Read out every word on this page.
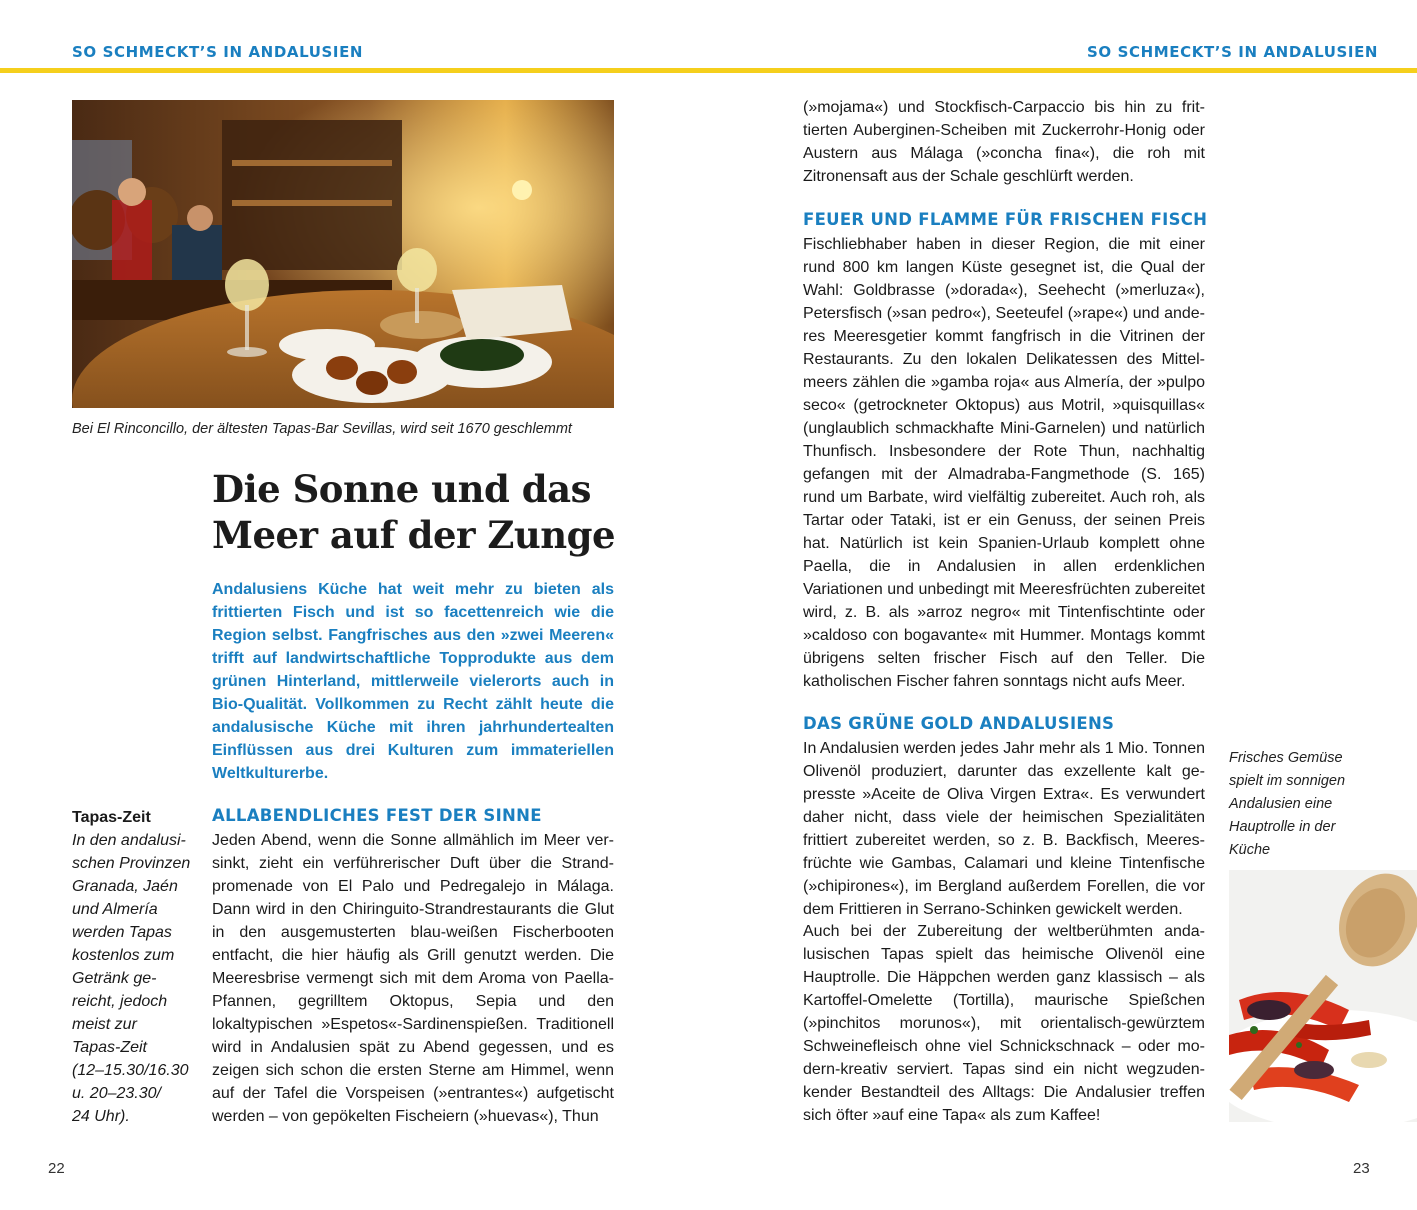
SO SCHMECKT’S IN ANDALUSIEN	SO SCHMECKT’S IN ANDALUSIEN
Bei El Rinconcillo, der ältesten Tapas-Bar Sevillas, wird seit 1670 geschlemmt
Die Sonne und das
Meer auf der Zunge

Andalusiens Küche hat weit mehr zu bieten als frittierten Fisch und ist so facettenreich wie die Region selbst. Fangfrisches aus den »zwei Meeren« trifft auf landwirtschaftliche Topprodukte aus dem grünen Hinterland, mittlerweile vielerorts auch in Bio-Qualität. Vollkommen zu Recht zählt heute die andalusische Küche mit ihren jahrhundertealten Einflüssen aus drei Kulturen zum immateriellen Weltkulturerbe.

Tapas-Zeit
In den andalusi-
schen Provinzen
Granada, Jaén
und Almería
werden Tapas
kostenlos zum
Getränk ge-
reicht, jedoch
meist zur
Tapas-Zeit
(12–15.30/16.30
u. 20–23.30/
24 Uhr).
ALLABENDLICHES FEST DER SINNE

Jeden Abend, wenn die Sonne allmählich im Meer versinkt, zieht ein verführerischer Duft über die Strandpromenade von El Palo und Pedregalejo in Málaga. Dann wird in den Chiringuito-Strandrestaurants die Glut in den ausgemusterten blau-weißen Fischerbooten entfacht, die hier häufig als Grill genutzt werden. Die Meeresbrise vermengt sich mit dem Aroma von Paella-Pfannen, gegrilltem Oktopus, Sepia und den lokaltypischen »Espetos«-Sardinenspießen. Traditionell wird in Andalusien spät zu Abend gegessen, und es zeigen sich schon die ersten Sterne am Himmel, wenn auf der Tafel die Vorspeisen (»entrantes«) aufgetischt werden – von gepökelten Fischeiern (»huevas«), Thun

(»mojama«) und Stockfisch-Carpaccio bis hin zu frittierten Auberginen-Scheiben mit Zuckerrohr-Honig oder Austern aus Málaga (»concha fina«), die roh mit Zitronensaft aus der Schale geschlürft werden.

FEUER UND FLAMME FÜR FRISCHEN FISCH

Fischliebhaber haben in dieser Region, die mit einer rund 800 km langen Küste gesegnet ist, die Qual der Wahl: Goldbrasse (»dorada«), Seehecht (»merluza«), Petersfisch (»san pedro«), Seeteufel (»rape«) und anderes Meeresgetier kommt fangfrisch in die Vitrinen der Restaurants. Zu den lokalen Delikatessen des Mittelmeers zählen die »gamba roja« aus Almería, der »pulpo seco« (getrockneter Oktopus) aus Motril, »quisquillas« (unglaublich schmackhafte Mini-Garnelen) und natürlich Thunfisch. Insbesondere der Rote Thun, nachhaltig gefangen mit der Almadraba-Fangmethode (S. 165) rund um Barbate, wird vielfältig zubereitet. Auch roh, als Tartar oder Tataki, ist er ein Genuss, der seinen Preis hat. Natürlich ist kein Spanien-Urlaub komplett ohne Paella, die in Andalusien in allen erdenklichen Variationen und unbedingt mit Meeresfrüchten zubereitet wird, z. B. als »arroz negro« mit Tintenfischtinte oder »caldoso con bogavante« mit Hummer. Montags kommt übrigens selten frischer Fisch auf den Teller. Die katholischen Fischer fahren sonntags nicht aufs Meer.

DAS GRÜNE GOLD ANDALUSIENS

In Andalusien werden jedes Jahr mehr als 1 Mio. Tonnen Olivenöl produziert, darunter das exzellente kalt gepresste »Aceite de Oliva Virgen Extra«. Es verwundert daher nicht, dass viele der heimischen Spezialitäten frittiert zubereitet werden, so z. B. Backfisch, Meeresfrüchte wie Gambas, Calamari und kleine Tintenfische (»chipirones«), im Bergland außerdem Forellen, die vor dem Frittieren in Serrano-Schinken gewickelt werden.

Auch bei der Zubereitung der weltberühmten andalusischen Tapas spielt das heimische Olivenöl eine Hauptrolle. Die Häppchen werden ganz klassisch – als Kartoffel-Omelette (Tortilla), maurische Spießchen (»pinchitos morunos«), mit orientalisch-gewürztem Schweinefleisch ohne viel Schnickschnack – oder modern-kreativ serviert. Tapas sind ein nicht wegzudenkender Bestandteil des Alltags: Die Andalusier treffen sich öfter »auf eine Tapa« als zum Kaffee!

Frisches Gemüse
spielt im sonnigen
Andalusien eine
Hauptrolle in der
Küche
22	23
